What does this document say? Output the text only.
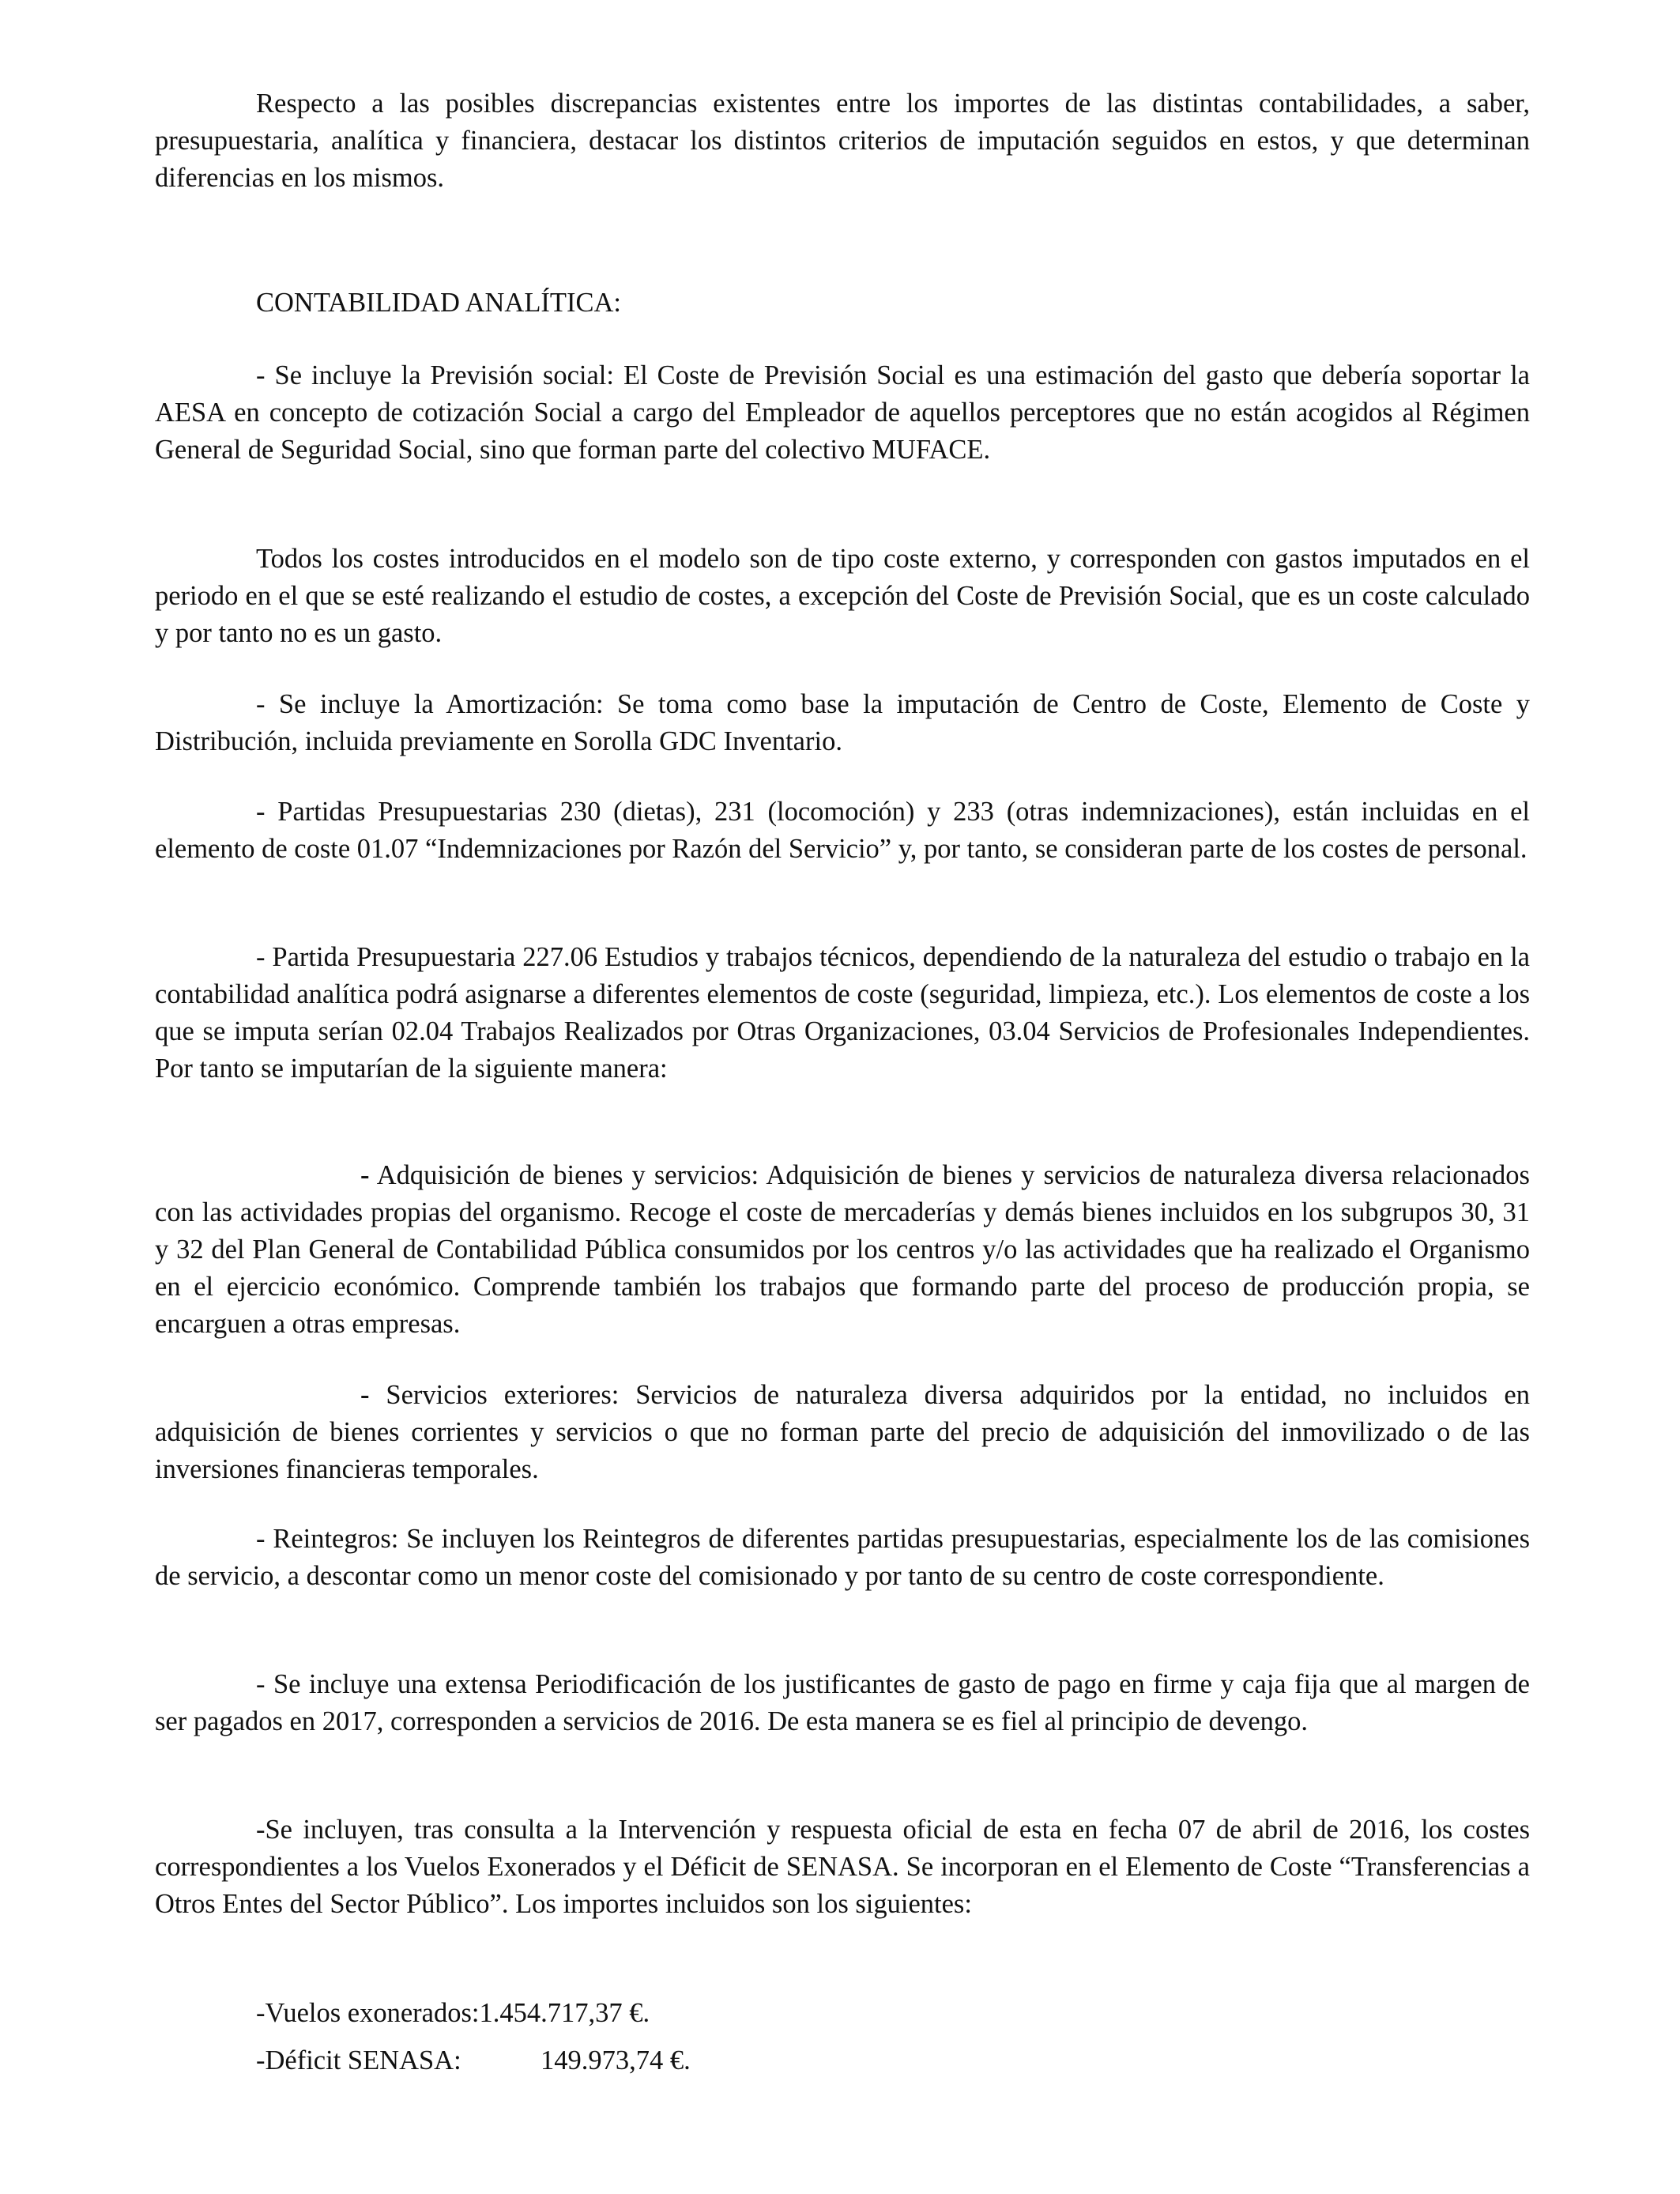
Respecto a las posibles discrepancias existentes entre los importes de las distintas contabilidades, a saber, presupuestaria, analítica y financiera, destacar los distintos criterios de imputación seguidos en estos, y que determinan diferencias en los mismos.

CONTABILIDAD ANALÍTICA:

- Se incluye la Previsión social: El Coste de Previsión Social es una estimación del gasto que debería soportar la AESA en concepto de cotización Social a cargo del Empleador de aquellos perceptores que no están acogidos al Régimen General de Seguridad Social, sino que forman parte del colectivo MUFACE.

Todos los costes introducidos en el modelo son de tipo coste externo, y corresponden con gastos imputados en el periodo en el que se esté realizando el estudio de costes, a excepción del Coste de Previsión Social, que es un coste calculado y por tanto no es un gasto.

- Se incluye la Amortización: Se toma como base la imputación de Centro de Coste, Elemento de Coste y Distribución, incluida previamente en Sorolla GDC Inventario.

- Partidas Presupuestarias 230 (dietas), 231 (locomoción) y 233 (otras indemnizaciones), están incluidas en el elemento de coste 01.07 “Indemnizaciones por Razón del Servicio” y, por tanto, se consideran parte de los costes de personal.

- Partida Presupuestaria 227.06 Estudios y trabajos técnicos, dependiendo de la naturaleza del estudio o trabajo en la contabilidad analítica podrá asignarse a diferentes elementos de coste (seguridad, limpieza, etc.). Los elementos de coste a los que se imputa serían 02.04 Trabajos Realizados por Otras Organizaciones, 03.04 Servicios de Profesionales Independientes. Por tanto se imputarían de la siguiente manera:

- Adquisición de bienes y servicios: Adquisición de bienes y servicios de naturaleza diversa relacionados con las actividades propias del organismo. Recoge el coste de mercaderías y demás bienes incluidos en los subgrupos 30, 31 y 32 del Plan General de Contabilidad Pública consumidos por los centros y/o las actividades que ha realizado el Organismo en el ejercicio económico. Comprende también los trabajos que formando parte del proceso de producción propia, se encarguen a otras empresas.

- Servicios exteriores: Servicios de naturaleza diversa adquiridos por la entidad, no incluidos en adquisición de bienes corrientes y servicios o que no forman parte del precio de adquisición del inmovilizado o de las inversiones financieras temporales.

- Reintegros: Se incluyen los Reintegros de diferentes partidas presupuestarias, especialmente los de las comisiones de servicio, a descontar como un menor coste del comisionado y por tanto de su centro de coste correspondiente.

- Se incluye una extensa Periodificación de los justificantes de gasto de pago en firme y caja fija que al margen de ser pagados en 2017, corresponden a servicios de 2016. De esta manera se es fiel al principio de devengo.

-Se incluyen, tras consulta a la Intervención y respuesta oficial de esta en fecha 07 de abril de 2016, los costes correspondientes a los Vuelos Exonerados y el Déficit de SENASA. Se incorporan en el Elemento de Coste “Transferencias a Otros Entes del Sector Público”. Los importes incluidos son los siguientes:

-Vuelos exonerados:1.454.717,37 €.
-Déficit SENASA:	149.973,74 €.
